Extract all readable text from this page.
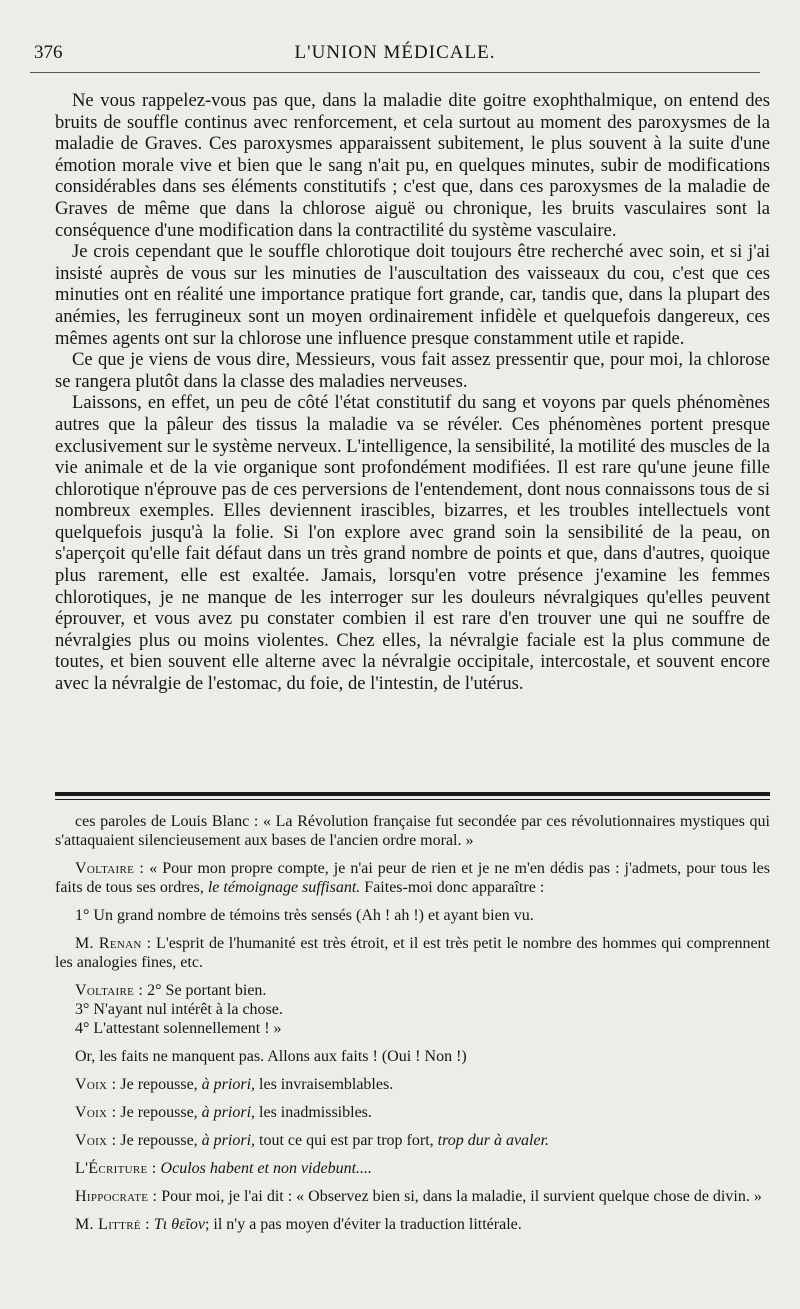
376	L'UNION MÉDICALE.

Ne vous rappelez-vous pas que, dans la maladie dite goitre exophthalmique, on entend des bruits de souffle continus avec renforcement, et cela surtout au moment des paroxysmes de la maladie de Graves. Ces paroxysmes apparaissent subitement, le plus souvent à la suite d'une émotion morale vive et bien que le sang n'ait pu, en quelques minutes, subir de modifications considérables dans ses éléments constitutifs ; c'est que, dans ces paroxysmes de la maladie de Graves de même que dans la chlorose aiguë ou chronique, les bruits vasculaires sont la conséquence d'une modification dans la contractilité du système vasculaire.

Je crois cependant que le souffle chlorotique doit toujours être recherché avec soin, et si j'ai insisté auprès de vous sur les minuties de l'auscultation des vaisseaux du cou, c'est que ces minuties ont en réalité une importance pratique fort grande, car, tandis que, dans la plupart des anémies, les ferrugineux sont un moyen ordinairement infidèle et quelquefois dangereux, ces mêmes agents ont sur la chlorose une influence presque constamment utile et rapide.

Ce que je viens de vous dire, Messieurs, vous fait assez pressentir que, pour moi, la chlorose se rangera plutôt dans la classe des maladies nerveuses.

Laissons, en effet, un peu de côté l'état constitutif du sang et voyons par quels phénomènes autres que la pâleur des tissus la maladie va se révéler. Ces phénomènes portent presque exclusivement sur le système nerveux. L'intelligence, la sensibilité, la motilité des muscles de la vie animale et de la vie organique sont profondément modifiées. Il est rare qu'une jeune fille chlorotique n'éprouve pas de ces perversions de l'entendement, dont nous connaissons tous de si nombreux exemples. Elles deviennent irascibles, bizarres, et les troubles intellectuels vont quelquefois jusqu'à la folie. Si l'on explore avec grand soin la sensibilité de la peau, on s'aperçoit qu'elle fait défaut dans un très grand nombre de points et que, dans d'autres, quoique plus rarement, elle est exaltée. Jamais, lorsqu'en votre présence j'examine les femmes chlorotiques, je ne manque de les interroger sur les douleurs névralgiques qu'elles peuvent éprouver, et vous avez pu constater combien il est rare d'en trouver une qui ne souffre de névralgies plus ou moins violentes. Chez elles, la névralgie faciale est la plus commune de toutes, et bien souvent elle alterne avec la névralgie occipitale, intercostale, et souvent encore avec la névralgie de l'estomac, du foie, de l'intestin, de l'utérus.

ces paroles de Louis Blanc : « La Révolution française fut secondée par ces révolutionnaires mystiques qui s'attaquaient silencieusement aux bases de l'ancien ordre moral. »

Voltaire : « Pour mon propre compte, je n'ai peur de rien et je ne m'en dédis pas : j'admets, pour tous les faits de tous ses ordres, le témoignage suffisant. Faites-moi donc apparaître :

1° Un grand nombre de témoins très sensés (Ah ! ah !) et ayant bien vu.

M. Renan : L'esprit de l'humanité est très étroit, et il est très petit le nombre des hommes qui comprennent les analogies fines, etc.

Voltaire : 2° Se portant bien.

3° N'ayant nul intérêt à la chose.

4° L'attestant solennellement ! »

Or, les faits ne manquent pas. Allons aux faits ! (Oui ! Non !)

Voix : Je repousse, à priori, les invraisemblables.

Voix : Je repousse, à priori, les inadmissibles.

Voix : Je repousse, à priori, tout ce qui est par trop fort, trop dur à avaler.

L'Écriture : Oculos habent et non videbunt....

Hippocrate : Pour moi, je l'ai dit : « Observez bien si, dans la maladie, il survient quelque chose de divin. »

M. Littré : Tι θεῖον; il n'y a pas moyen d'éviter la traduction littérale.
